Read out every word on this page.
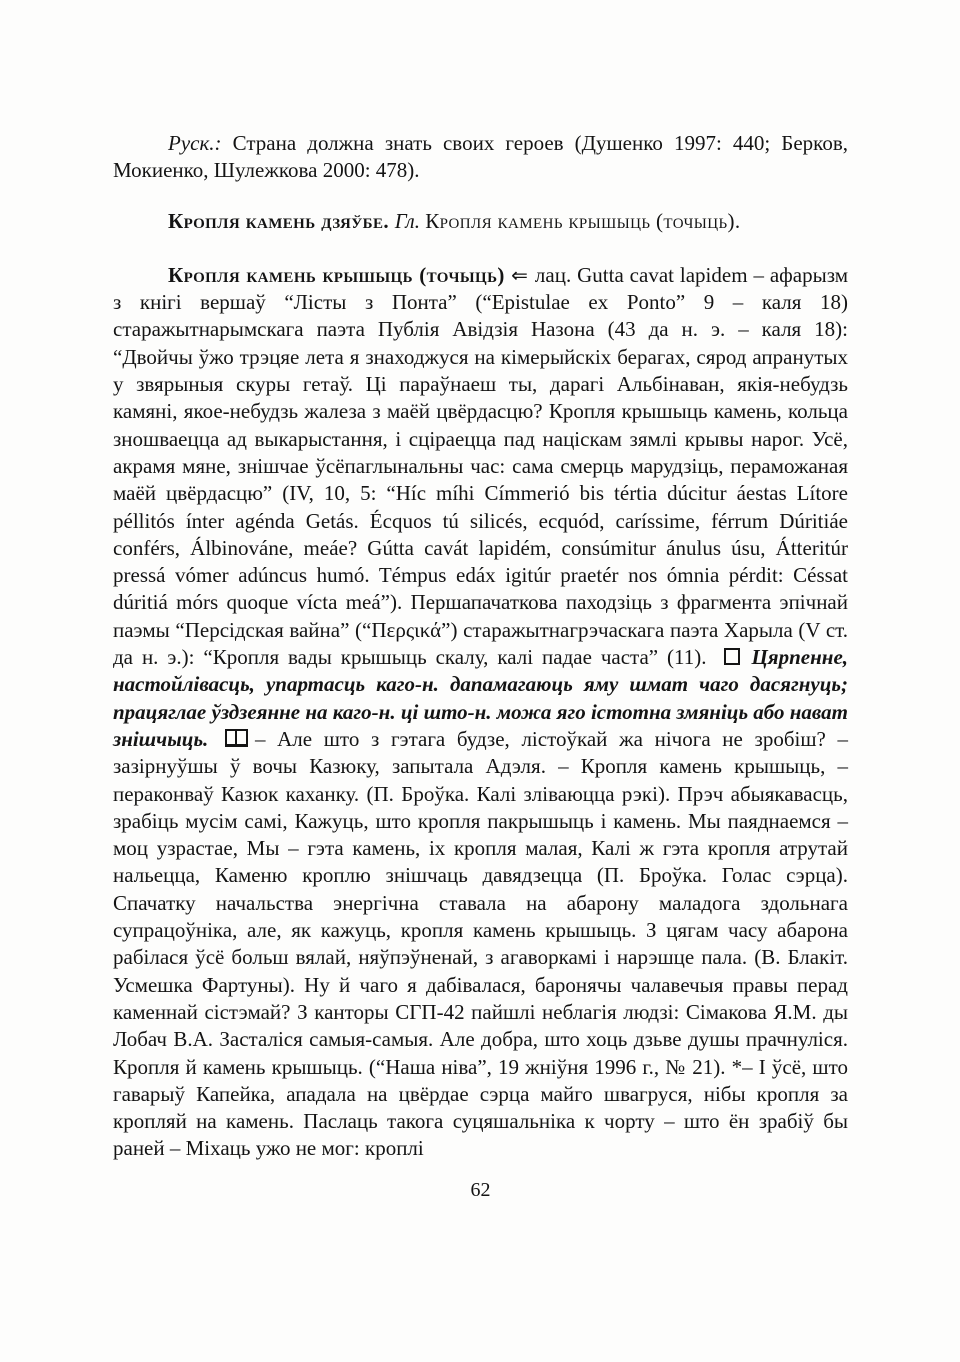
Руск.: Страна должна знать своих героев (Душенко 1997: 440; Берков, Мокиенко, Шулежкова 2000: 478).

Кропля камень дзяўбе. Гл. Кропля камень крышыць (точыць).

Кропля камень крышыць (точыць) ⇐ лац. Gutta cavat lapidem – афарызм з кнігі вершаў “Лісты з Понта” (“Epistulae ex Ponto” 9 – каля 18) старажытнарымскага паэта Публія Авідзія Назона (43 да н. э. – каля 18): “Двойчы ўжо трэцяе лета я знаходжуся на кімерыйскіх берагах, сярод апранутых у звярыныя скуры гетаў. Ці параўнаеш ты, дарагі Альбінаван, якія-небудзь камяні, якое-небудзь жалеза з маёй цвёрдасцю? Кропля крышыць камень, кольца зношваецца ад выкарыстання, і сціраецца пад націскам зямлі крывы нарог. Усё, акрамя мяне, знішчае ўсёпаглынальны час: сама смерць марудзіць, пераможаная маёй цвёрдасцю” (IV, 10, 5: “Híc míhi Címmerió bis tértia dúcitur áestas Lítore péllitós ínter agénda Getás. Écquos tú silicés, ecquód, caríssime, férrum Dúritiáe conférs, Álbinováne, meáe? Gútta cavát lapidém, consúmitur ánulus úsu, Átteritúr pressá vómer adúncus humó. Témpus edáx igitúr praetér nos ómnia pérdit: Céssat dúritiá mórs quoque vícta meá”). Першапачаткова паходзіць з фрагмента эпічнай паэмы “Персідская вайна” (“Περςικά”) старажытнагрэчаскага паэта Харыла (V ст. да н. э.): “Кропля вады крышыць скалу, калі падае часта” (11). Цярпенне, настойлівасць, упартасць каго-н. дапамагаюць яму шмат чаго дасягнуць; працяглае ўздзеянне на каго-н. ці што-н. можа яго істотна змяніць або нават знішчыць. – Але што з гэтага будзе, лістоўкай жа нічога не зробіш? – зазірнуўшы ў вочы Казюку, запытала Адэля. – Кропля камень крышыць, – пераконваў Казюк каханку. (П. Броўка. Калі зліваюцца рэкі). Прэч абыякавасць, зрабіць мусім самі, Кажуць, што кропля пакрышыць і камень. Мы паяднаемся – моц узрастае, Мы – гэта камень, іх кропля малая, Калі ж гэта кропля атрутай нальецца, Каменю кроплю знішчаць давядзецца (П. Броўка. Голас сэрца). Спачатку начальства энергічна ставала на абарону маладога здольнага супрацоўніка, але, як кажуць, кропля камень крышыць. З цягам часу абарона рабілася ўсё больш вялай, няўпэўненай, з агаворкамі і нарэшце пала. (В. Блакіт. Усмешка Фартуны). Ну й чаго я дабівалася, баронячы чалавечыя правы перад каменнай сістэмай? З канторы СГП-42 пайшлі неблагія людзі: Сімакова Я.М. ды Лобач В.А. Засталіся самыя-самыя. Але добра, што хоць дзьве душы прачнуліся. Кропля й камень крышыць. (“Наша ніва”, 19 жніўня 1996 г., № 21). *– І ўсё, што гаварыў Капейка, ападала на цвёрдае сэрца майго швагруся, нібы кропля за кропляй на камень. Паслаць такога суцяшальніка к чорту – што ён зрабіў бы раней – Міхаць ужо не мог: кроплі

62
